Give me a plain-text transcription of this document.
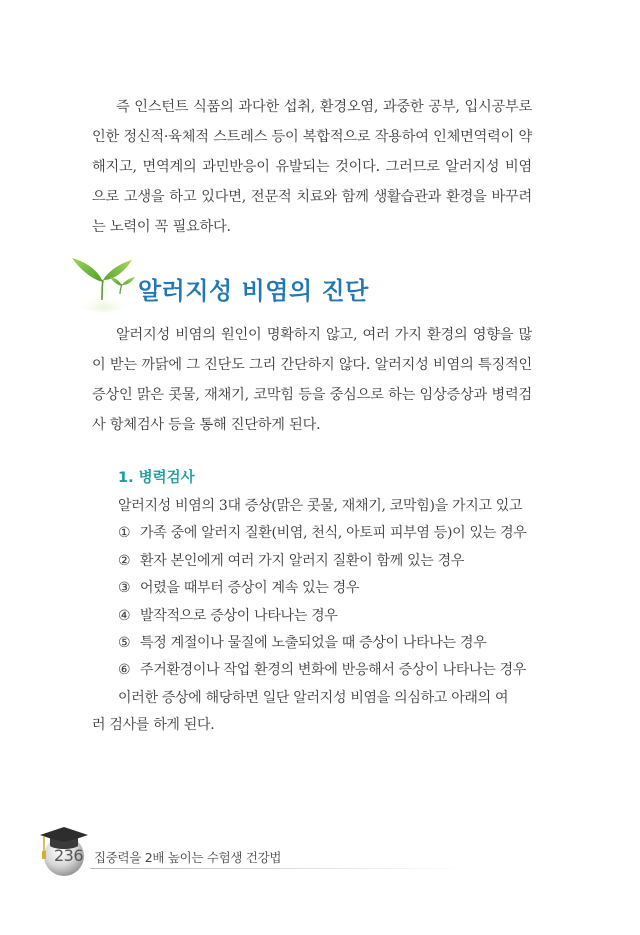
즉 인스턴트 식품의 과다한 섭취, 환경오염, 과중한 공부, 입시공부로 인한 정신적·육체적 스트레스 등이 복합적으로 작용하여 인체면역력이 약해지고, 면역계의 과민반응이 유발되는 것이다. 그러므로 알러지성 비염으로 고생을 하고 있다면, 전문적 치료와 함께 생활습관과 환경을 바꾸려는 노력이 꼭 필요하다.

알러지성 비염의 진단

알러지성 비염의 원인이 명확하지 않고, 여러 가지 환경의 영향을 많이 받는 까닭에 그 진단도 그리 간단하지 않다. 알러지성 비염의 특징적인 증상인 맑은 콧물, 재채기, 코막힘 등을 중심으로 하는 임상증상과 병력검사 항체검사 등을 통해 진단하게 된다.

1. 병력검사

알러지성 비염의 3대 증상(맑은 콧물, 재채기, 코막힘)을 가지고 있고

① 가족 중에 알러지 질환(비염, 천식, 아토피 피부염 등)이 있는 경우
② 환자 본인에게 여러 가지 알러지 질환이 함께 있는 경우
③ 어렸을 때부터 증상이 계속 있는 경우
④ 발작적으로 증상이 나타나는 경우
⑤ 특정 계절이나 물질에 노출되었을 때 증상이 나타나는 경우
⑥ 주거환경이나 작업 환경의 변화에 반응해서 증상이 나타나는 경우

이러한 증상에 해당하면 일단 알러지성 비염을 의심하고 아래의 여

러 검사를 하게 된다.

236 집중력을 2배 높이는 수험생 건강법
